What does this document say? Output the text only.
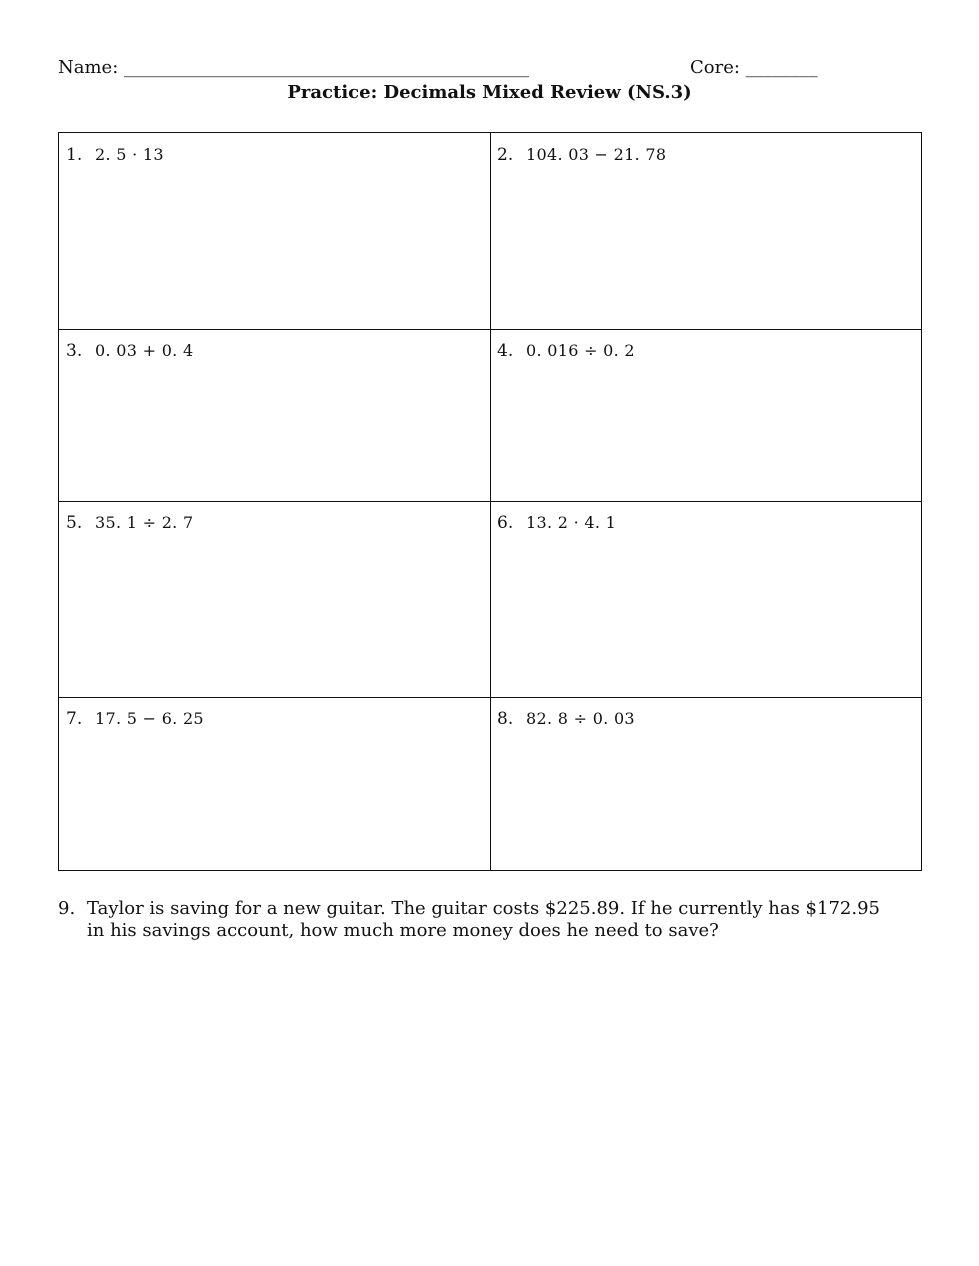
Name: _____________________________________________	Core: ________
Practice: Decimals Mixed Review (NS.3)
1. 2. 5 · 13	2. 104. 03 − 21. 78
3. 0. 03 + 0. 4	4. 0. 016 ÷ 0. 2
5. 35. 1 ÷ 2. 7	6. 13. 2 · 4. 1
7. 17. 5 − 6. 25	8. 82. 8 ÷ 0. 03
9. Taylor is saving for a new guitar. The guitar costs $225.89. If he currently has $172.95 in his savings account, how much more money does he need to save?
